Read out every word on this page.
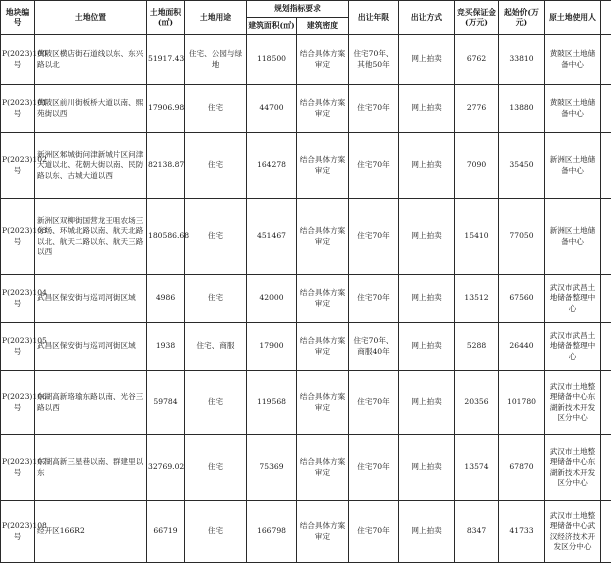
地块编号	土地位置	土地面积(㎡)	土地用途	规划指标要求		出让年限	出让方式	竞买保证金(万元)	起始价(万元)	原土地使用人	
				建筑面积(㎡)	建筑密度						
P(2023)100号	黄陂区横店街石道线以东、东兴路以北	51917.43	住宅、公园与绿地	118500	结合具体方案审定	住宅70年、其他50年	网上拍卖	6762	33810	黄陂区土地储备中心	
P(2023)101号	黄陂区前川街板桥大道以南、熙苑街以西	17906.98	住宅	44700	结合具体方案审定	住宅70年	网上拍卖	2776	13880	黄陂区土地储备中心	
P(2023)102号	新洲区邾城街问津新城片区问津大道以北、花朝大街以南、民防路以东、古城大道以西	82138.87	住宅	164278	结合具体方案审定	住宅70年	网上拍卖	7090	35450	新洲区土地储备中心	
P(2023)103号	新洲区双柳街国营龙王咀农场三分场、环城北路以南、航天北路以北、航天二路以东、航天三路以西	180586.68	住宅	451467	结合具体方案审定	住宅70年	网上拍卖	15410	77050	新洲区土地储备中心	
P(2023)104号	武昌区保安街与巡司河街区域	4986	住宅	42000	结合具体方案审定	住宅70年	网上拍卖	13512	67560	武汉市武昌土地储备整理中心	
P(2023)105号	武昌区保安街与巡司河街区域	1938	住宅、商服	17900	结合具体方案审定	住宅70年、商服40年	网上拍卖	5288	26440	武汉市武昌土地储备整理中心	
P(2023)106号	东湖高新珞瑜东路以南、光谷三路以西	59784	住宅	119568	结合具体方案审定	住宅70年	网上拍卖	20356	101780	武汉市土地整理储备中心东湖新技术开发区分中心	
P(2023)107号	东湖高新三星巷以南、群建里以东	32769.02	住宅	75369	结合具体方案审定	住宅70年	网上拍卖	13574	67870	武汉市土地整理储备中心东湖新技术开发区分中心	
P(2023)108号	经开区166R2	66719	住宅	166798	结合具体方案审定	住宅70年	网上拍卖	8347	41733	武汉市土地整理储备中心武汉经济技术开发区分中心	
